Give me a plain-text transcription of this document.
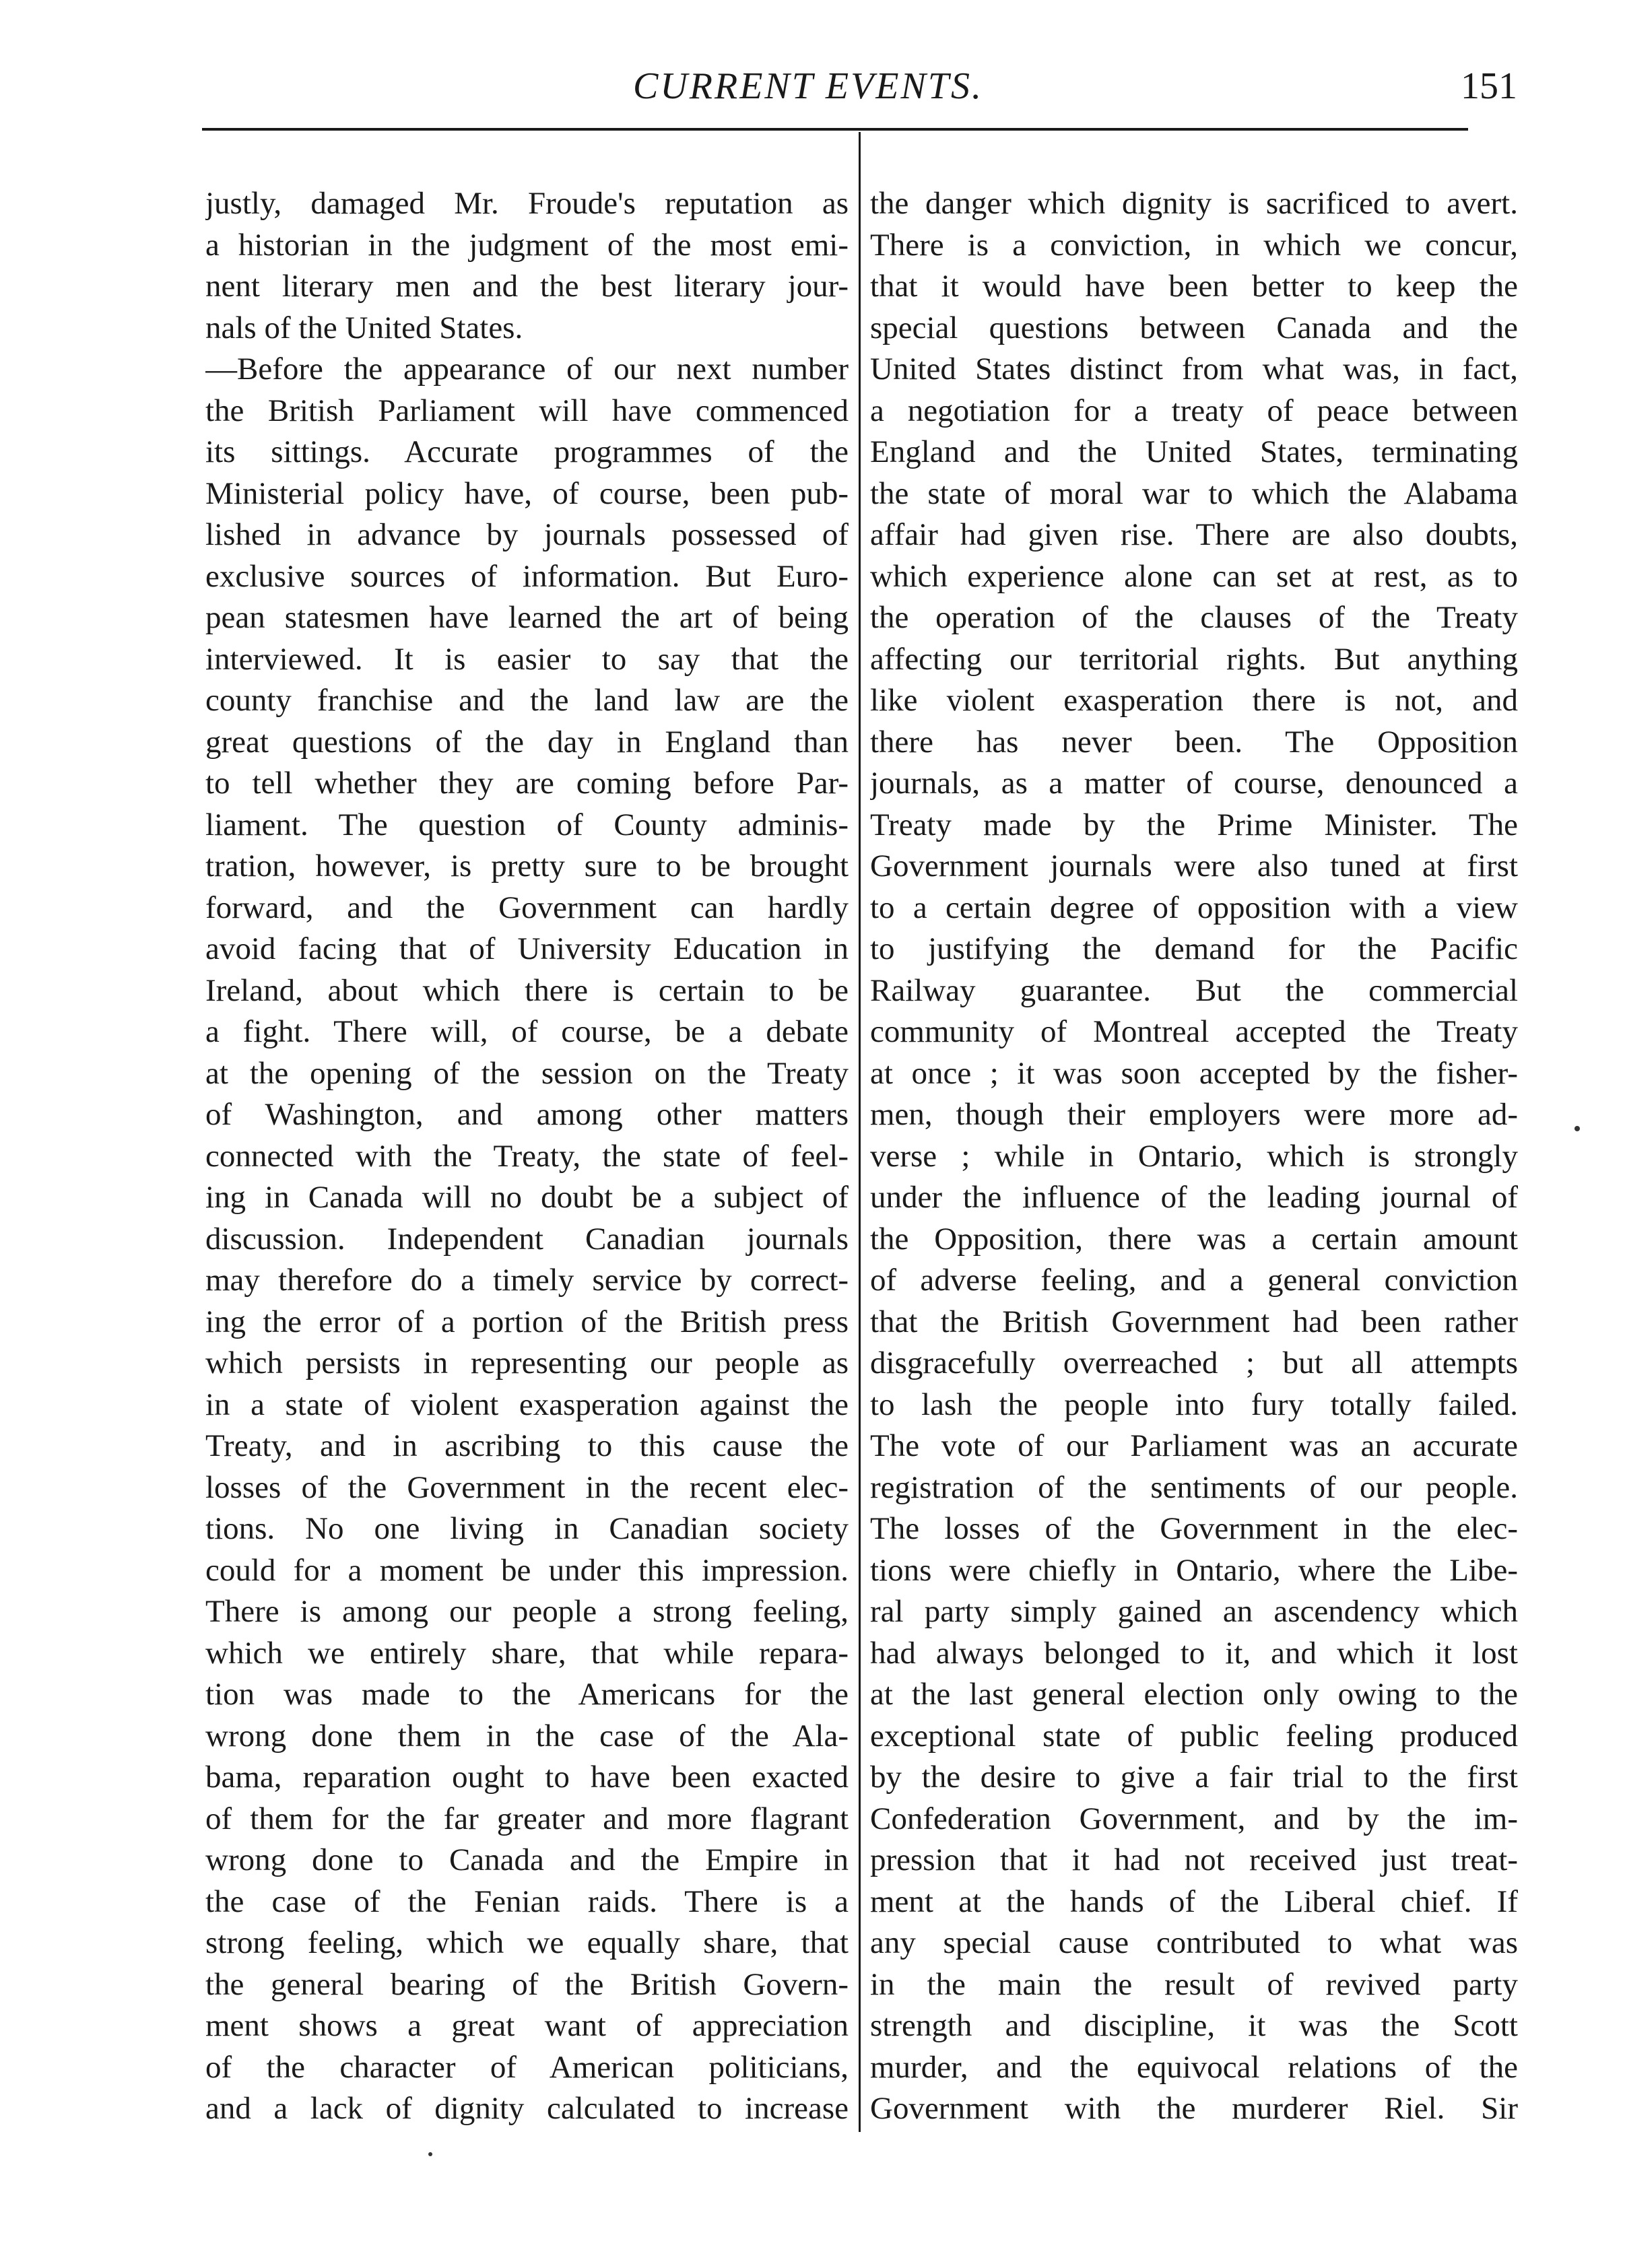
CURRENT EVENTS.	151
justly, damaged Mr. Froude's reputation as
a historian in the judgment of the most emi-
nent literary men and the best literary jour-
nals of the United States.
—Before the appearance of our next number
the British Parliament will have commenced
its sittings. Accurate programmes of the
Ministerial policy have, of course, been pub-
lished in advance by journals possessed of
exclusive sources of information. But Euro-
pean statesmen have learned the art of being
interviewed. It is easier to say that the
county franchise and the land law are the
great questions of the day in England than
to tell whether they are coming before Par-
liament. The question of County adminis-
tration, however, is pretty sure to be brought
forward, and the Government can hardly
avoid facing that of University Education in
Ireland, about which there is certain to be
a fight. There will, of course, be a debate
at the opening of the session on the Treaty
of Washington, and among other matters
connected with the Treaty, the state of feel-
ing in Canada will no doubt be a subject of
discussion. Independent Canadian journals
may therefore do a timely service by correct-
ing the error of a portion of the British press
which persists in representing our people as
in a state of violent exasperation against the
Treaty, and in ascribing to this cause the
losses of the Government in the recent elec-
tions. No one living in Canadian society
could for a moment be under this impression.
There is among our people a strong feeling,
which we entirely share, that while repara-
tion was made to the Americans for the
wrong done them in the case of the Ala-
bama, reparation ought to have been exacted
of them for the far greater and more flagrant
wrong done to Canada and the Empire in
the case of the Fenian raids. There is a
strong feeling, which we equally share, that
the general bearing of the British Govern-
ment shows a great want of appreciation
of the character of American politicians,
and a lack of dignity calculated to increase
the danger which dignity is sacrificed to avert.
There is a conviction, in which we concur,
that it would have been better to keep the
special questions between Canada and the
United States distinct from what was, in fact,
a negotiation for a treaty of peace between
England and the United States, terminating
the state of moral war to which the Alabama
affair had given rise. There are also doubts,
which experience alone can set at rest, as to
the operation of the clauses of the Treaty
affecting our territorial rights. But anything
like violent exasperation there is not, and
there has never been. The Opposition
journals, as a matter of course, denounced a
Treaty made by the Prime Minister. The
Government journals were also tuned at first
to a certain degree of opposition with a view
to justifying the demand for the Pacific
Railway guarantee. But the commercial
community of Montreal accepted the Treaty
at once ; it was soon accepted by the fisher-
men, though their employers were more ad-
verse ; while in Ontario, which is strongly
under the influence of the leading journal of
the Opposition, there was a certain amount
of adverse feeling, and a general conviction
that the British Government had been rather
disgracefully overreached ; but all attempts
to lash the people into fury totally failed.
The vote of our Parliament was an accurate
registration of the sentiments of our people.
The losses of the Government in the elec-
tions were chiefly in Ontario, where the Libe-
ral party simply gained an ascendency which
had always belonged to it, and which it lost
at the last general election only owing to the
exceptional state of public feeling produced
by the desire to give a fair trial to the first
Confederation Government, and by the im-
pression that it had not received just treat-
ment at the hands of the Liberal chief. If
any special cause contributed to what was
in the main the result of revived party
strength and discipline, it was the Scott
murder, and the equivocal relations of the
Government with the murderer Riel. Sir
